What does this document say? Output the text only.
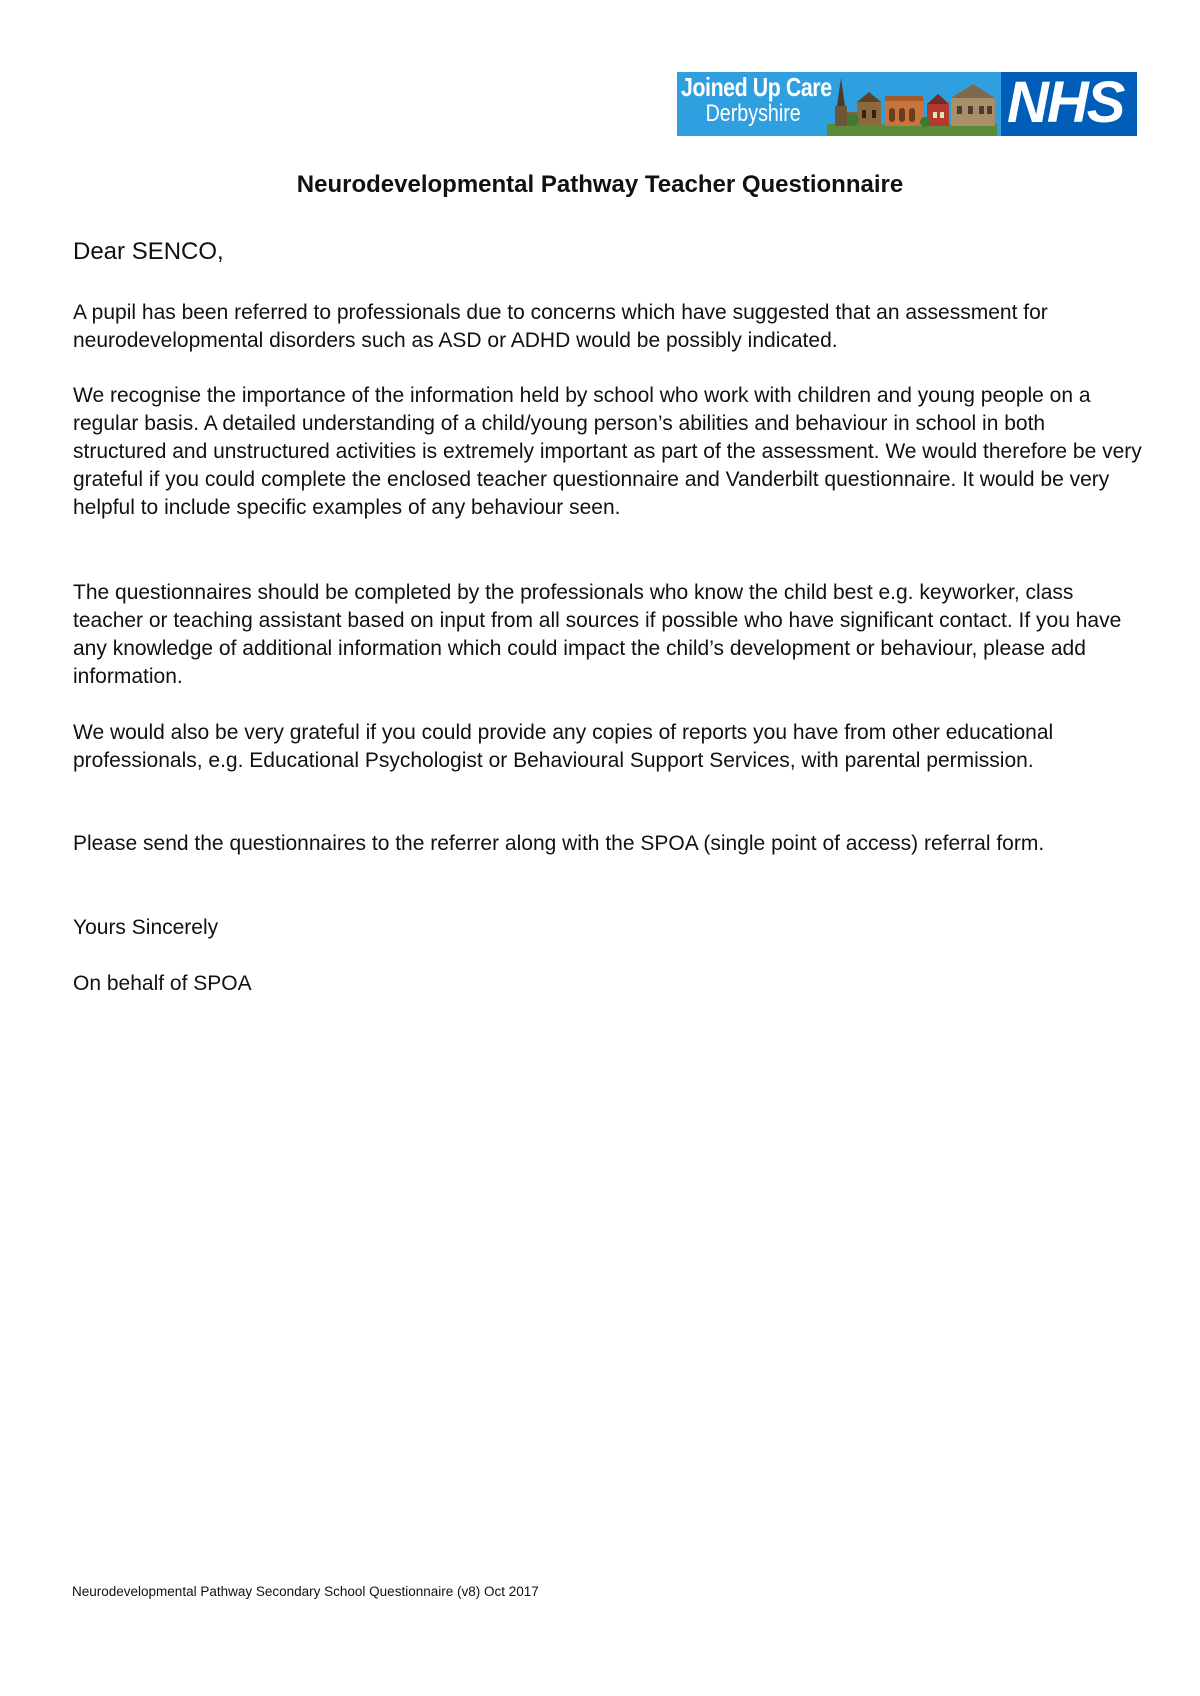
Joined Up Care
Derbyshire	NHS
Neurodevelopmental Pathway Teacher Questionnaire

Dear SENCO,

A pupil has been referred to professionals due to concerns which have suggested that an assessment for neurodevelopmental disorders such as ASD or ADHD would be possibly indicated.

We recognise the importance of the information held by school who work with children and young people on a regular basis. A detailed understanding of a child/young person’s abilities and behaviour in school in both structured and unstructured activities is extremely important as part of the assessment. We would therefore be very grateful if you could complete the enclosed teacher questionnaire and Vanderbilt questionnaire. It would be very helpful to include specific examples of any behaviour seen.

The questionnaires should be completed by the professionals who know the child best e.g. keyworker, class teacher or teaching assistant based on input from all sources if possible who have significant contact. If you have any knowledge of additional information which could impact the child’s development or behaviour, please add information.

We would also be very grateful if you could provide any copies of reports you have from other educational professionals, e.g. Educational Psychologist or Behavioural Support Services, with parental permission.

Please send the questionnaires to the referrer along with the SPOA (single point of access) referral form.

Yours Sincerely

On behalf of SPOA

Neurodevelopmental Pathway Secondary School Questionnaire (v8) Oct 2017
